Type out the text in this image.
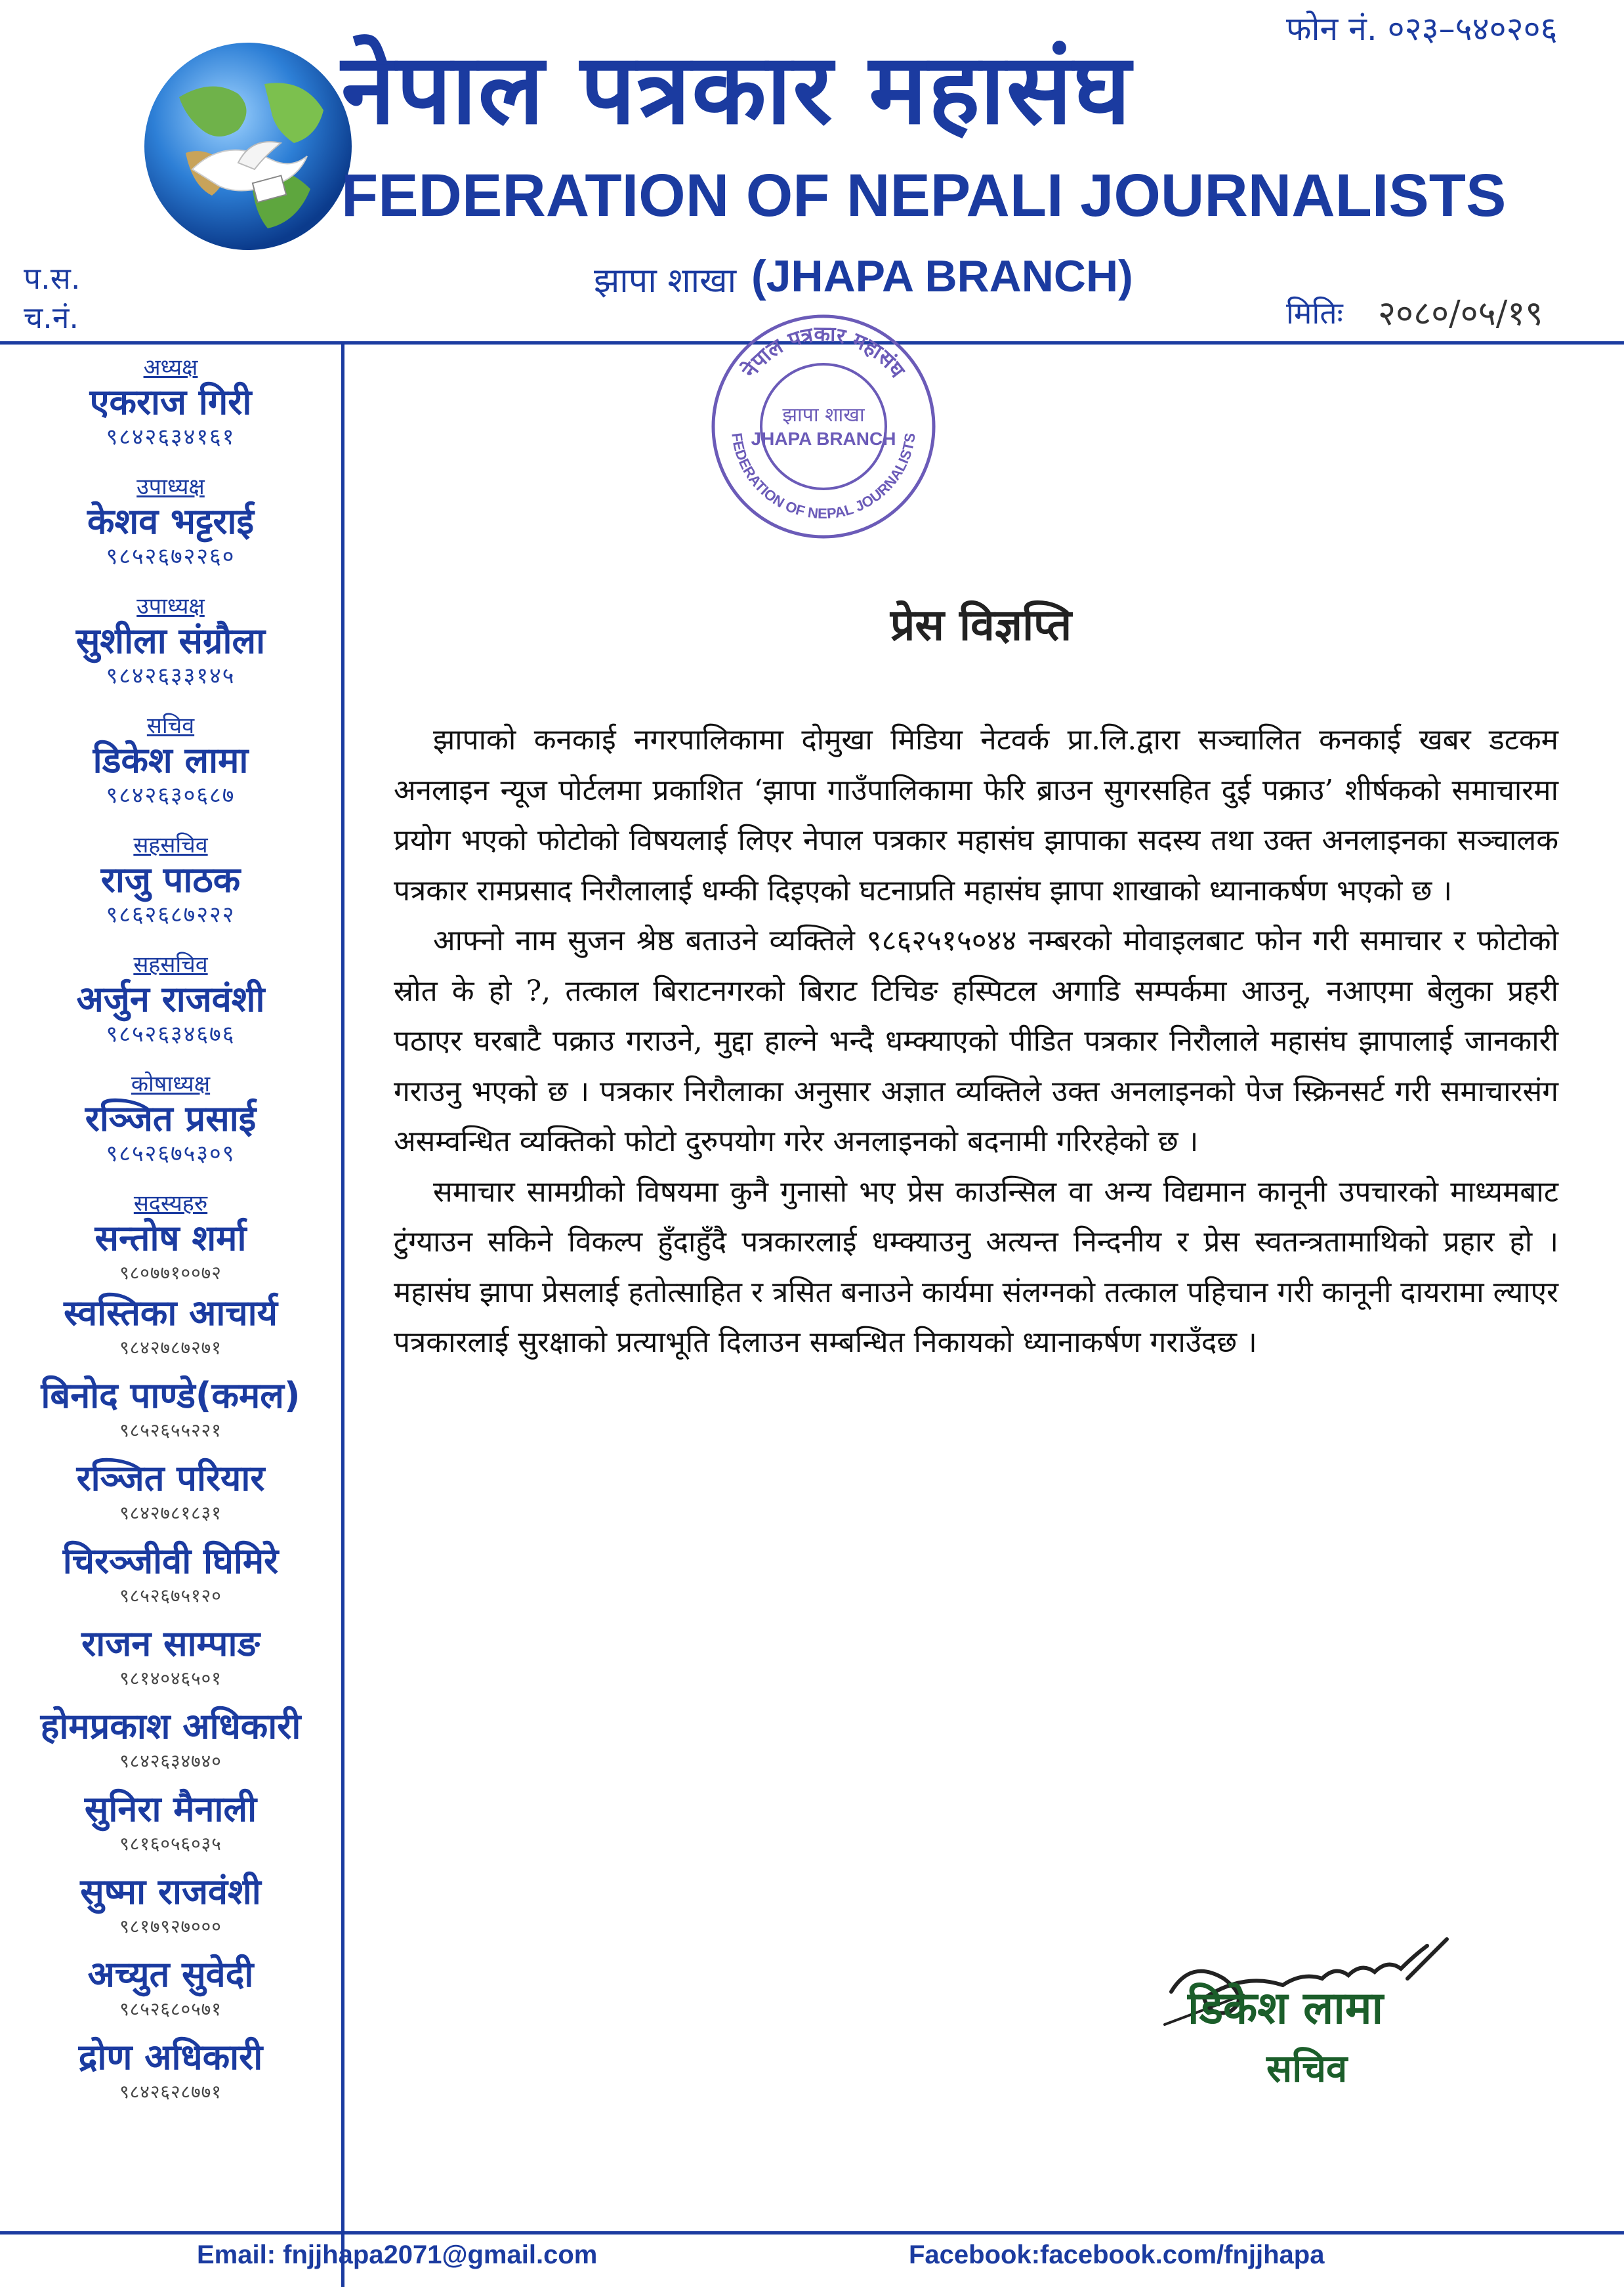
नेपाल पत्रकार महासंघ
FEDERATION OF NEPALI JOURNALISTS
फोन नं. ०२३–५४०२०६
झापा शाखा (JHAPA BRANCH)
प.स.
च.नं.	मितिः २०८०/०५/१९
नेपाल पत्रकार महासंघ
FEDERATION OF NEPAL JOURNALISTS
झापा शाखा
JHAPA BRANCH
अध्यक्ष
एकराज गिरी
९८४२६३४१६१
उपाध्यक्ष
केशव भट्टराई
९८५२६७२२६०
उपाध्यक्ष
सुशीला संग्रौला
९८४२६३३१४५
सचिव
डिकेश लामा
९८४२६३०६८७
सहसचिव
राजु पाठक
९८६२६८७२२२
सहसचिव
अर्जुन राजवंशी
९८५२६३४६७६
कोषाध्यक्ष
रञ्जित प्रसाई
९८५२६७५३०९
सदस्यहरु
सन्तोष शर्मा
९८०७७१००७२
स्वस्तिका आचार्य
९८४२७८७२७१
बिनोद पाण्डे(कमल)
९८५२६५५२२१
रञ्जित परियार
९८४२७८१८३१
चिरञ्जीवी घिमिरे
९८५२६७५१२०
राजन साम्पाङ
९८१४०४६५०१
होमप्रकाश अधिकारी
९८४२६३४७४०
सुनिरा मैनाली
९८१६०५६०३५
सुष्मा राजवंशी
९८१७९२७०००
अच्युत सुवेदी
९८५२६८०५७१
द्रोण अधिकारी
९८४२६२८७७१
प्रेस विज्ञप्ति

झापाको कनकाई नगरपालिकामा दोमुखा मिडिया नेटवर्क प्रा.लि.द्वारा सञ्चालित कनकाई खबर डटकम अनलाइन न्यूज पोर्टलमा प्रकाशित ‘झापा गाउँपालिकामा फेरि ब्राउन सुगरसहित दुई पक्राउ’ शीर्षकको समाचारमा प्रयोग भएको फोटोको विषयलाई लिएर नेपाल पत्रकार महासंघ झापाका सदस्य तथा उक्त अनलाइनका सञ्चालक पत्रकार रामप्रसाद निरौलालाई धम्की दिइएको घटनाप्रति महासंघ झापा शाखाको ध्यानाकर्षण भएको छ ।

आफ्नो नाम सुजन श्रेष्ठ बताउने व्यक्तिले ९८६२५१५०४४ नम्बरको मोवाइलबाट फोन गरी समाचार र फोटोको स्रोत के हो ?, तत्काल बिराटनगरको बिराट टिचिङ हस्पिटल अगाडि सम्पर्कमा आउनू, नआएमा बेलुका प्रहरी पठाएर घरबाटै पक्राउ गराउने, मुद्दा हाल्ने भन्दै धम्क्याएको पीडित पत्रकार निरौलाले महासंघ झापालाई जानकारी गराउनु भएको छ । पत्रकार निरौलाका अनुसार अज्ञात व्यक्तिले उक्त अनलाइनको पेज स्क्रिनसर्ट गरी समाचारसंग असम्वन्धित व्यक्तिको फोटो दुरुपयोग गरेर अनलाइनको बदनामी गरिरहेको छ ।

समाचार सामग्रीको विषयमा कुनै गुनासो भए प्रेस काउन्सिल वा अन्य विद्यमान कानूनी उपचारको माध्यमबाट टुंग्याउन सकिने विकल्प हुँदाहुँदै पत्रकारलाई धम्क्याउनु अत्यन्त निन्दनीय र प्रेस स्वतन्त्रतामाथिको प्रहार हो । महासंघ झापा प्रेसलाई हतोत्साहित र त्रसित बनाउने कार्यमा संलग्नको तत्काल पहिचान गरी कानूनी दायरामा ल्याएर पत्रकारलाई सुरक्षाको प्रत्याभूति दिलाउन सम्बन्धित निकायको ध्यानाकर्षण गराउँदछ ।

डिकेश लामा
सचिव
Email: fnjjhapa2071@gmail.com	Facebook:facebook.com/fnjjhapa
